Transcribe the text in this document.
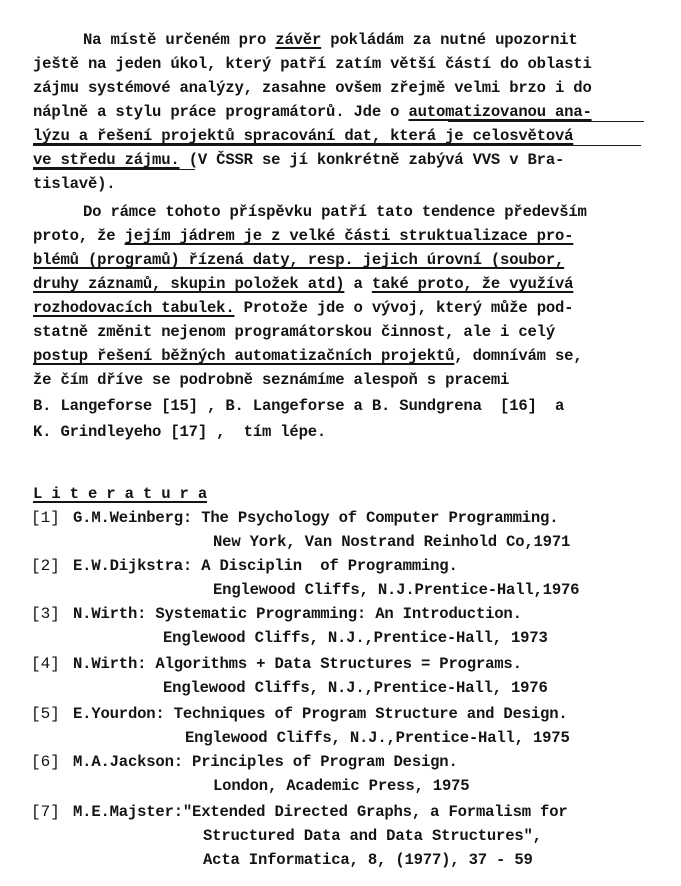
Na místě určeném pro závěr pokládám za nutné upozornit
ještě na jeden úkol, který patří zatím větší částí do oblasti
zájmu systémové analýzy, zasahne ovšem zřejmě velmi brzo i do
náplně a stylu práce programátorů. Jde o automatizovanou ana-
lýzu a řešení projektů spracování dat, která je celosvětová
ve středu zájmu. (V ČSSR se jí konkrétně zabývá VVS v Bra-
tislavě).
Do rámce tohoto příspěvku patří tato tendence především
proto, že jejím jádrem je z velké části struktualizace pro-
blémů (programů) řízená daty, resp. jejich úrovní (soubor,
druhy záznamů, skupin položek atd) a také proto, že využívá
rozhodovacích tabulek. Protože jde o vývoj, který může pod-
statně změnit nejenom programátorskou činnost, ale i celý
postup řešení běžných automatizačních projektů, domnívám se,
že čím dříve se podrobně seznámíme alespoň s pracemi
B. Langeforse [15] , B. Langeforse a B. Sundgrena  [16]  a
K. Grindleyeho [17] ,  tím lépe.
L i t e r a t u r a
[1] G.M.Weinberg: The Psychology of Computer Programming.
New York, Van Nostrand Reinhold Co,1971
[2] E.W.Dijkstra: A Disciplin  of Programming.
Englewood Cliffs, N.J.Prentice-Hall,1976
[3] N.Wirth: Systematic Programming: An Introduction.
Englewood Cliffs, N.J.,Prentice-Hall, 1973
[4] N.Wirth: Algorithms + Data Structures = Programs.
Englewood Cliffs, N.J.,Prentice-Hall, 1976
[5] E.Yourdon: Techniques of Program Structure and Design.
Englewood Cliffs, N.J.,Prentice-Hall, 1975
[6] M.A.Jackson: Principles of Program Design.
London, Academic Press, 1975
[7] M.E.Majster:"Extended Directed Graphs, a Formalism for
Structured Data and Data Structures",
Acta Informatica, 8, (1977), 37 - 59
